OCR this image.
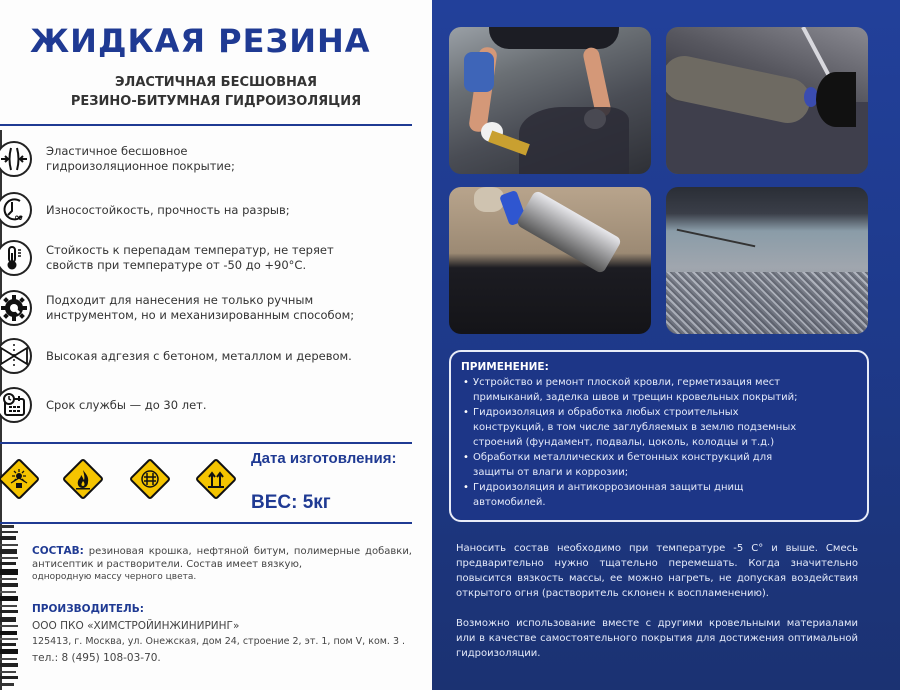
ЖИДКАЯ РЕЗИНА
ЭЛАСТИЧНАЯ БЕСШОВНАЯ
РЕЗИНО-БИТУМНАЯ ГИДРОИЗОЛЯЦИЯ
Эластичное бесшовное
гидроизоляционное покрытие;
∞
Износостойкость, прочность на разрыв;
Стойкость к перепадам температур, не теряет
свойств при температуре от -50 до +90°С.
Подходит для нанесения не только ручным
инструментом, но и механизированным способом;
Высокая адгезия с бетоном, металлом и деревом.
Срок службы — до 30 лет.
Дата изготовления:
ВЕС: 5кг
СОСТАВ: резиновая крошка, нефтяной битум, полимерные добавки, антисептик и растворители. Состав имеет вязкую,
однородную массу черного цвета.
ПРОИЗВОДИТЕЛЬ:
ООО ПКО «ХИМСТРОЙИНЖИНИРИНГ»
125413, г. Москва, ул. Онежская, дом 24, строение 2, эт. 1, пом V, ком. 3 .
тел.: 8 (495) 108-03-70.
ПРИМЕНЕНИЕ:
• Устройство и ремонт плоской кровли, герметизация мест
примыканий, заделка швов и трещин кровельных покрытий;
• Гидроизоляция и обработка любых строительных
конструкций, в том числе заглубляемых в землю подземных
строений (фундамент, подвалы, цоколь, колодцы и т.д.)
• Обработки металлических и бетонных конструкций для
защиты от влаги и коррозии;
• Гидроизоляция и антикоррозионная защиты днищ
автомобилей.
Наносить состав необходимо при температуре -5 С° и выше. Смесь предварительно нужно тщательно перемешать. Когда значительно повысится вязкость массы, ее можно нагреть, не допуская воздействия открытого огня (растворитель склонен к воспламенению).
Возможно использование вместе с другими кровельными материалами или в качестве самостоятельного покрытия для достижения оптимальной гидроизоляции.
